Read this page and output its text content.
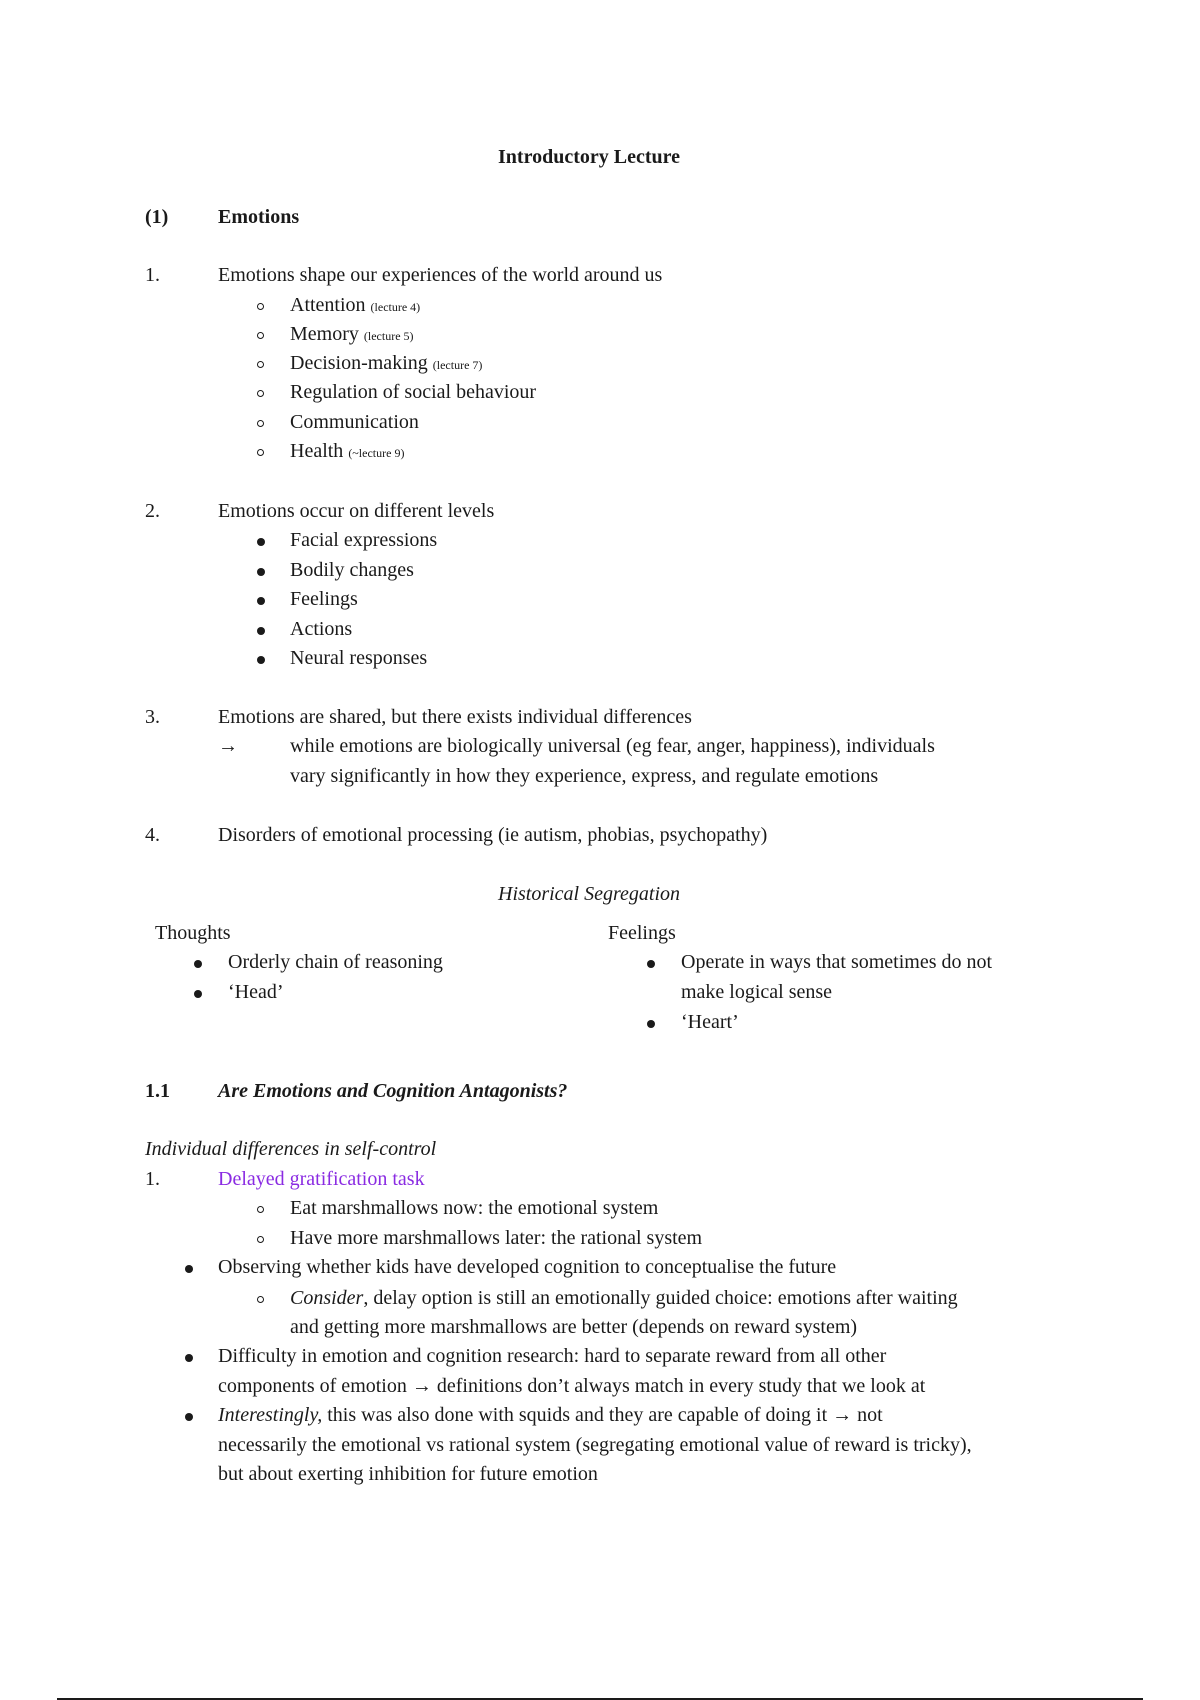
Introductory Lecture
(1) Emotions
1.	Emotions shape our experiences of the world around us
Attention (lecture 4)
Memory (lecture 5)
Decision-making (lecture 7)
Regulation of social behaviour
Communication
Health (~lecture 9)
2.	Emotions occur on different levels
Facial expressions
Bodily changes
Feelings
Actions
Neural responses
3.	Emotions are shared, but there exists individual differences
→	while emotions are biologically universal (eg fear, anger, happiness), individuals
vary significantly in how they experience, express, and regulate emotions
4.	Disorders of emotional processing (ie autism, phobias, psychopathy)
Historical Segregation
Thoughts
Orderly chain of reasoning
‘Head’
Feelings
Operate in ways that sometimes do not
make logical sense
‘Heart’
1.1 Are Emotions and Cognition Antagonists?
Individual differences in self-control
1.	Delayed gratification task
Eat marshmallows now: the emotional system
Have more marshmallows later: the rational system
Observing whether kids have developed cognition to conceptualise the future
Consider, delay option is still an emotionally guided choice: emotions after waiting
and getting more marshmallows are better (depends on reward system)
Difficulty in emotion and cognition research: hard to separate reward from all other
components of emotion → definitions don’t always match in every study that we look at
Interestingly, this was also done with squids and they are capable of doing it → not
necessarily the emotional vs rational system (segregating emotional value of reward is tricky),
but about exerting inhibition for future emotion
